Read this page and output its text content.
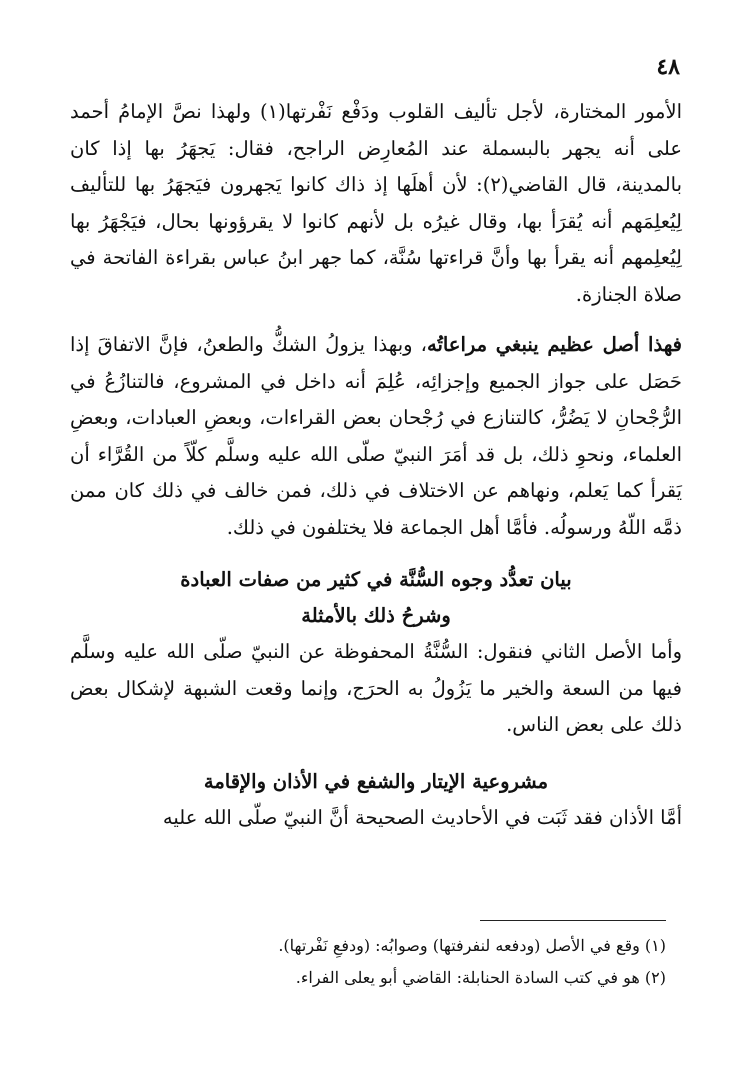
٤٨

الأمور المختارة، لأجل تأليف القلوب ودَفْع نَفْرتها(١) ولهذا نصَّ الإمامُ أحمد على أنه يجهر بالبسملة عند المُعارِض الراجح، فقال: يَجهَرُ بها إذا كان بالمدينة، قال القاضي(٢): لأن أهلَها إذ ذاك كانوا يَجهرون فيَجهَرُ بها للتأليف لِيُعلِمَهم أنه يُقرَأ بها، وقال غيرُه بل لأنهم كانوا لا يقرؤونها بحال، فيَجْهَرُ بها لِيُعلِمهم أنه يقرأ بها وأنَّ قراءتها سُنَّة، كما جهر ابنُ عباس بقراءة الفاتحة في صلاة الجنازة.

فهذا أصل عظيم ينبغي مراعاتُه، وبهذا يزولُ الشكُّ والطعنُ، فإنَّ الاتفاقَ إذا حَصَل على جواز الجميع وإجزائِه، عُلِمَ أنه داخل في المشروع، فالتنازُعُ في الرُّجْحانِ لا يَضُرُّ، كالتنازع في رُجْحان بعض القراءات، وبعضِ العبادات، وبعضِ العلماء، ونحوِ ذلك، بل قد أمَرَ النبيّ صلّى الله عليه وسلَّم كلّاً من القُرَّاء أن يَقرأ كما يَعلم، ونهاهم عن الاختلاف في ذلك، فمن خالف في ذلك كان ممن ذمَّه اللّهُ ورسولُه. فأمَّا أهل الجماعة فلا يختلفون في ذلك.

بيان تعدُّد وجوه السُّنَّة في كثير من صفات العبادة
وشرحُ ذلك بالأمثلة

وأما الأصل الثاني فنقول: السُّنَّةُ المحفوظة عن النبيّ صلّى الله عليه وسلَّم فيها من السعة والخير ما يَزُولُ به الحرَج، وإنما وقعت الشبهة لإشكال بعض ذلك على بعض الناس.

مشروعية الإيتار والشفع في الأذان والإقامة

أمَّا الأذان فقد ثَبَت في الأحاديث الصحيحة أنَّ النبيّ صلّى الله عليه

(١) وقع في الأصل (ودفعه لنفرفتها) وصوابُه: (ودفعِ نَفْرتها).

(٢) هو في كتب السادة الحنابلة: القاضي أبو يعلى الفراء.
